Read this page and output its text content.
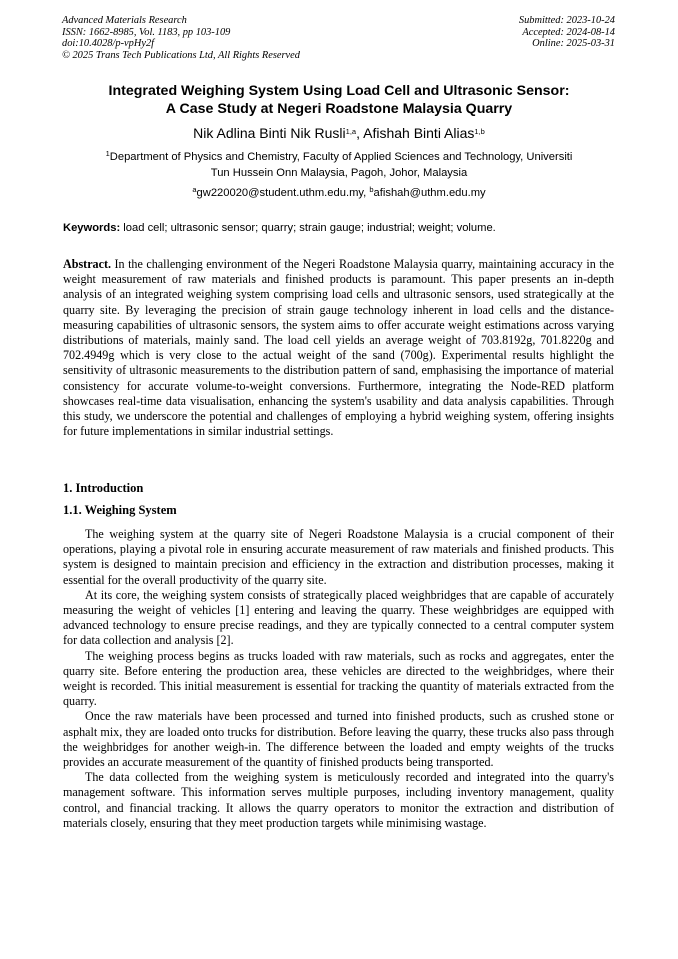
Advanced Materials Research
ISSN: 1662-8985, Vol. 1183, pp 103-109
doi:10.4028/p-vpHy2f
© 2025 Trans Tech Publications Ltd, All Rights Reserved
Submitted: 2023-10-24
Accepted: 2024-08-14
Online: 2025-03-31
Integrated Weighing System Using Load Cell and Ultrasonic Sensor:
A Case Study at Negeri Roadstone Malaysia Quarry
Nik Adlina Binti Nik Rusli$^{1,a}$, Afishah Binti Alias$^{1,b}$
$^1$Department of Physics and Chemistry, Faculty of Applied Sciences and Technology, Universiti
Tun Hussein Onn Malaysia, Pagoh, Johor, Malaysia
$^a$gw220020@student.uthm.edu.my, $^b$afishah@uthm.edu.my
Keywords: load cell; ultrasonic sensor; quarry; strain gauge; industrial; weight; volume.

Abstract. In the challenging environment of the Negeri Roadstone Malaysia quarry, maintaining accuracy in the weight measurement of raw materials and finished products is paramount. This paper presents an in-depth analysis of an integrated weighing system comprising load cells and ultrasonic sensors, used strategically at the quarry site. By leveraging the precision of strain gauge technology inherent in load cells and the distance-measuring capabilities of ultrasonic sensors, the system aims to offer accurate weight estimations across varying distributions of materials, mainly sand. The load cell yields an average weight of 703.8192g, 701.8220g and 702.4949g which is very close to the actual weight of the sand (700g). Experimental results highlight the sensitivity of ultrasonic measurements to the distribution pattern of sand, emphasising the importance of material consistency for accurate volume-to-weight conversions. Furthermore, integrating the Node-RED platform showcases real-time data visualisation, enhancing the system's usability and data analysis capabilities. Through this study, we underscore the potential and challenges of employing a hybrid weighing system, offering insights for future implementations in similar industrial settings.

1. Introduction
1.1. Weighing System

The weighing system at the quarry site of Negeri Roadstone Malaysia is a crucial component of their operations, playing a pivotal role in ensuring accurate measurement of raw materials and finished products. This system is designed to maintain precision and efficiency in the extraction and distribution processes, making it essential for the overall productivity of the quarry site.

At its core, the weighing system consists of strategically placed weighbridges that are capable of accurately measuring the weight of vehicles [1] entering and leaving the quarry. These weighbridges are equipped with advanced technology to ensure precise readings, and they are typically connected to a central computer system for data collection and analysis [2].

The weighing process begins as trucks loaded with raw materials, such as rocks and aggregates, enter the quarry site. Before entering the production area, these vehicles are directed to the weighbridges, where their weight is recorded. This initial measurement is essential for tracking the quantity of materials extracted from the quarry.

Once the raw materials have been processed and turned into finished products, such as crushed stone or asphalt mix, they are loaded onto trucks for distribution. Before leaving the quarry, these trucks also pass through the weighbridges for another weigh-in. The difference between the loaded and empty weights of the trucks provides an accurate measurement of the quantity of finished products being transported.

The data collected from the weighing system is meticulously recorded and integrated into the quarry's management software. This information serves multiple purposes, including inventory management, quality control, and financial tracking. It allows the quarry operators to monitor the extraction and distribution of materials closely, ensuring that they meet production targets while minimising wastage.
